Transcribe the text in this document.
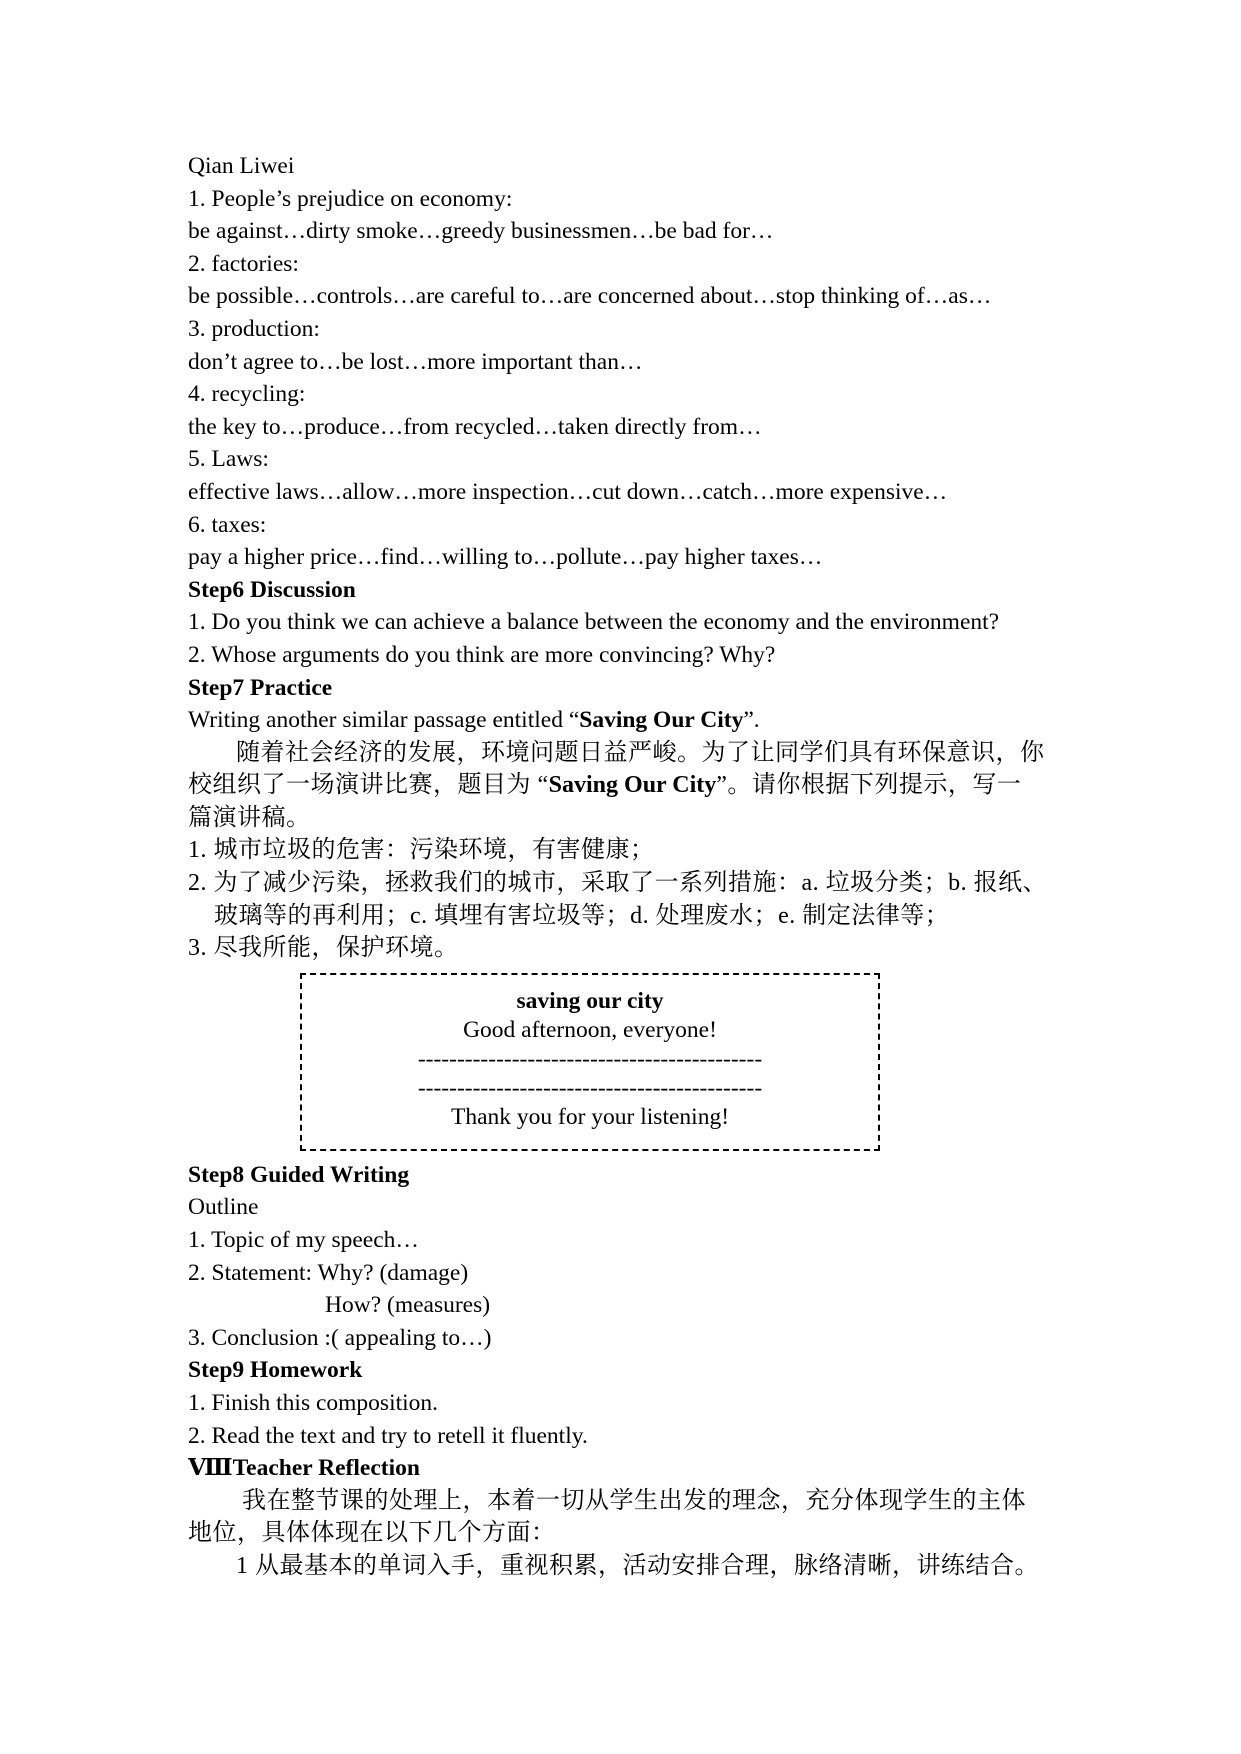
Qian Liwei
1. People’s prejudice on economy:
be against…dirty smoke…greedy businessmen…be bad for…
2. factories:
be possible…controls…are careful to…are concerned about…stop thinking of…as…
3. production:
don’t agree to…be lost…more important than…
4. recycling:
the key to…produce…from recycled…taken directly from…
5. Laws:
effective laws…allow…more inspection…cut down…catch…more expensive…
6. taxes:
pay a higher price…find…willing to…pollute…pay higher taxes…
Step6 Discussion
1. Do you think we can achieve a balance between the economy and the environment?
2. Whose arguments do you think are more convincing? Why?
Step7 Practice
Writing another similar passage entitled “Saving Our City”.
随着社会经济的发展，环境问题日益严峻。为了让同学们具有环保意识，你
校组织了一场演讲比赛，题目为 “Saving Our City”。请你根据下列提示，写一
篇演讲稿。
1. 城市垃圾的危害：污染环境，有害健康；
2. 为了减少污染，拯救我们的城市，采取了一系列措施：a. 垃圾分类；b. 报纸、
玻璃等的再利用；c. 填埋有害垃圾等；d. 处理废水；e. 制定法律等；
3. 尽我所能，保护环境。
saving our city
Good afternoon, everyone!
--------------------------------------------
--------------------------------------------
Thank you for your listening!
Step8 Guided Writing
Outline
1. Topic of my speech…
2. Statement: Why? (damage)
How? (measures)
3. Conclusion :( appealing to…)
Step9 Homework
1. Finish this composition.
2. Read the text and try to retell it fluently.
ⅧTeacher Reflection
我在整节课的处理上，本着一切从学生出发的理念，充分体现学生的主体
地位，具体体现在以下几个方面：
1 从最基本的单词入手，重视积累，活动安排合理，脉络清晰，讲练结合。
